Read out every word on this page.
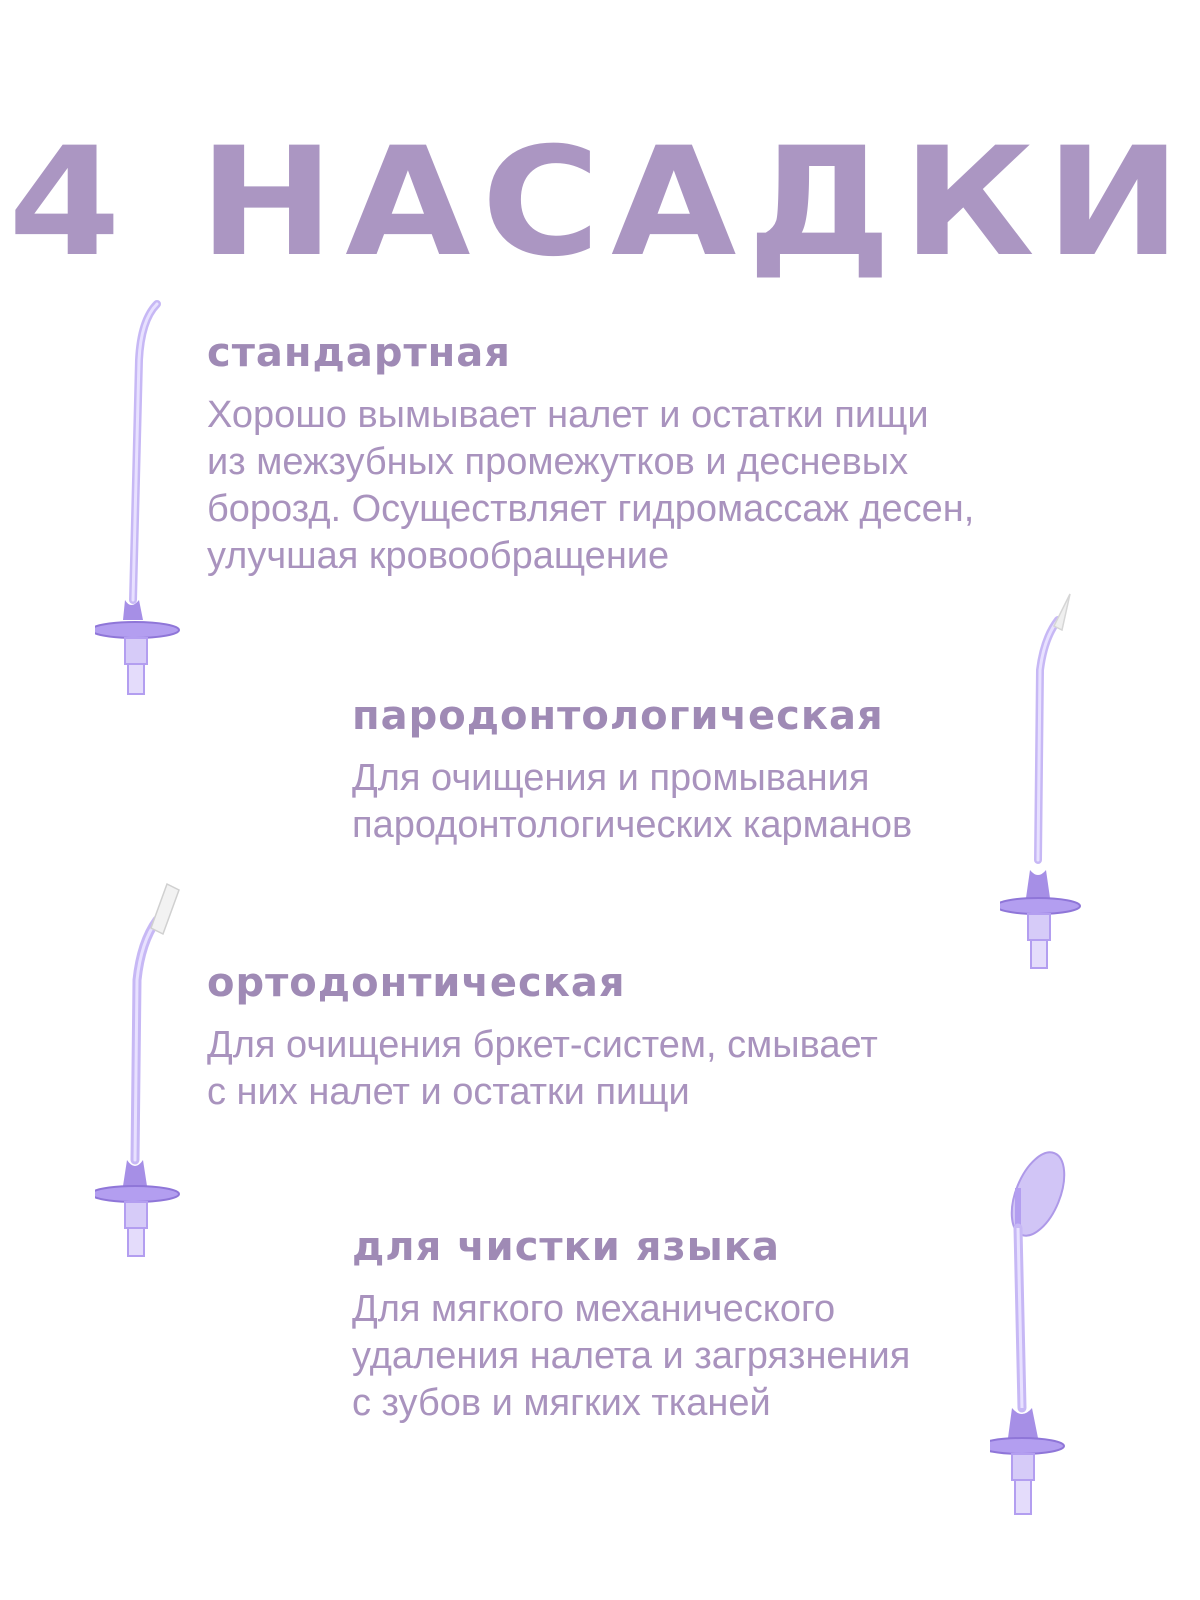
4 НАСАДКИ
стандартная
Хорошо вымывает налет и остатки пищи
из межзубных промежутков и десневых
борозд. Осуществляет гидромассаж десен,
улучшая кровообращение
пародонтологическая
Для очищения и промывания
пародонтологических карманов
ортодонтическая
Для очищения бркет-систем, смывает
с них налет и остатки пищи
для чистки языка
Для мягкого механического
удаления налета и загрязнения
с зубов и мягких тканей
